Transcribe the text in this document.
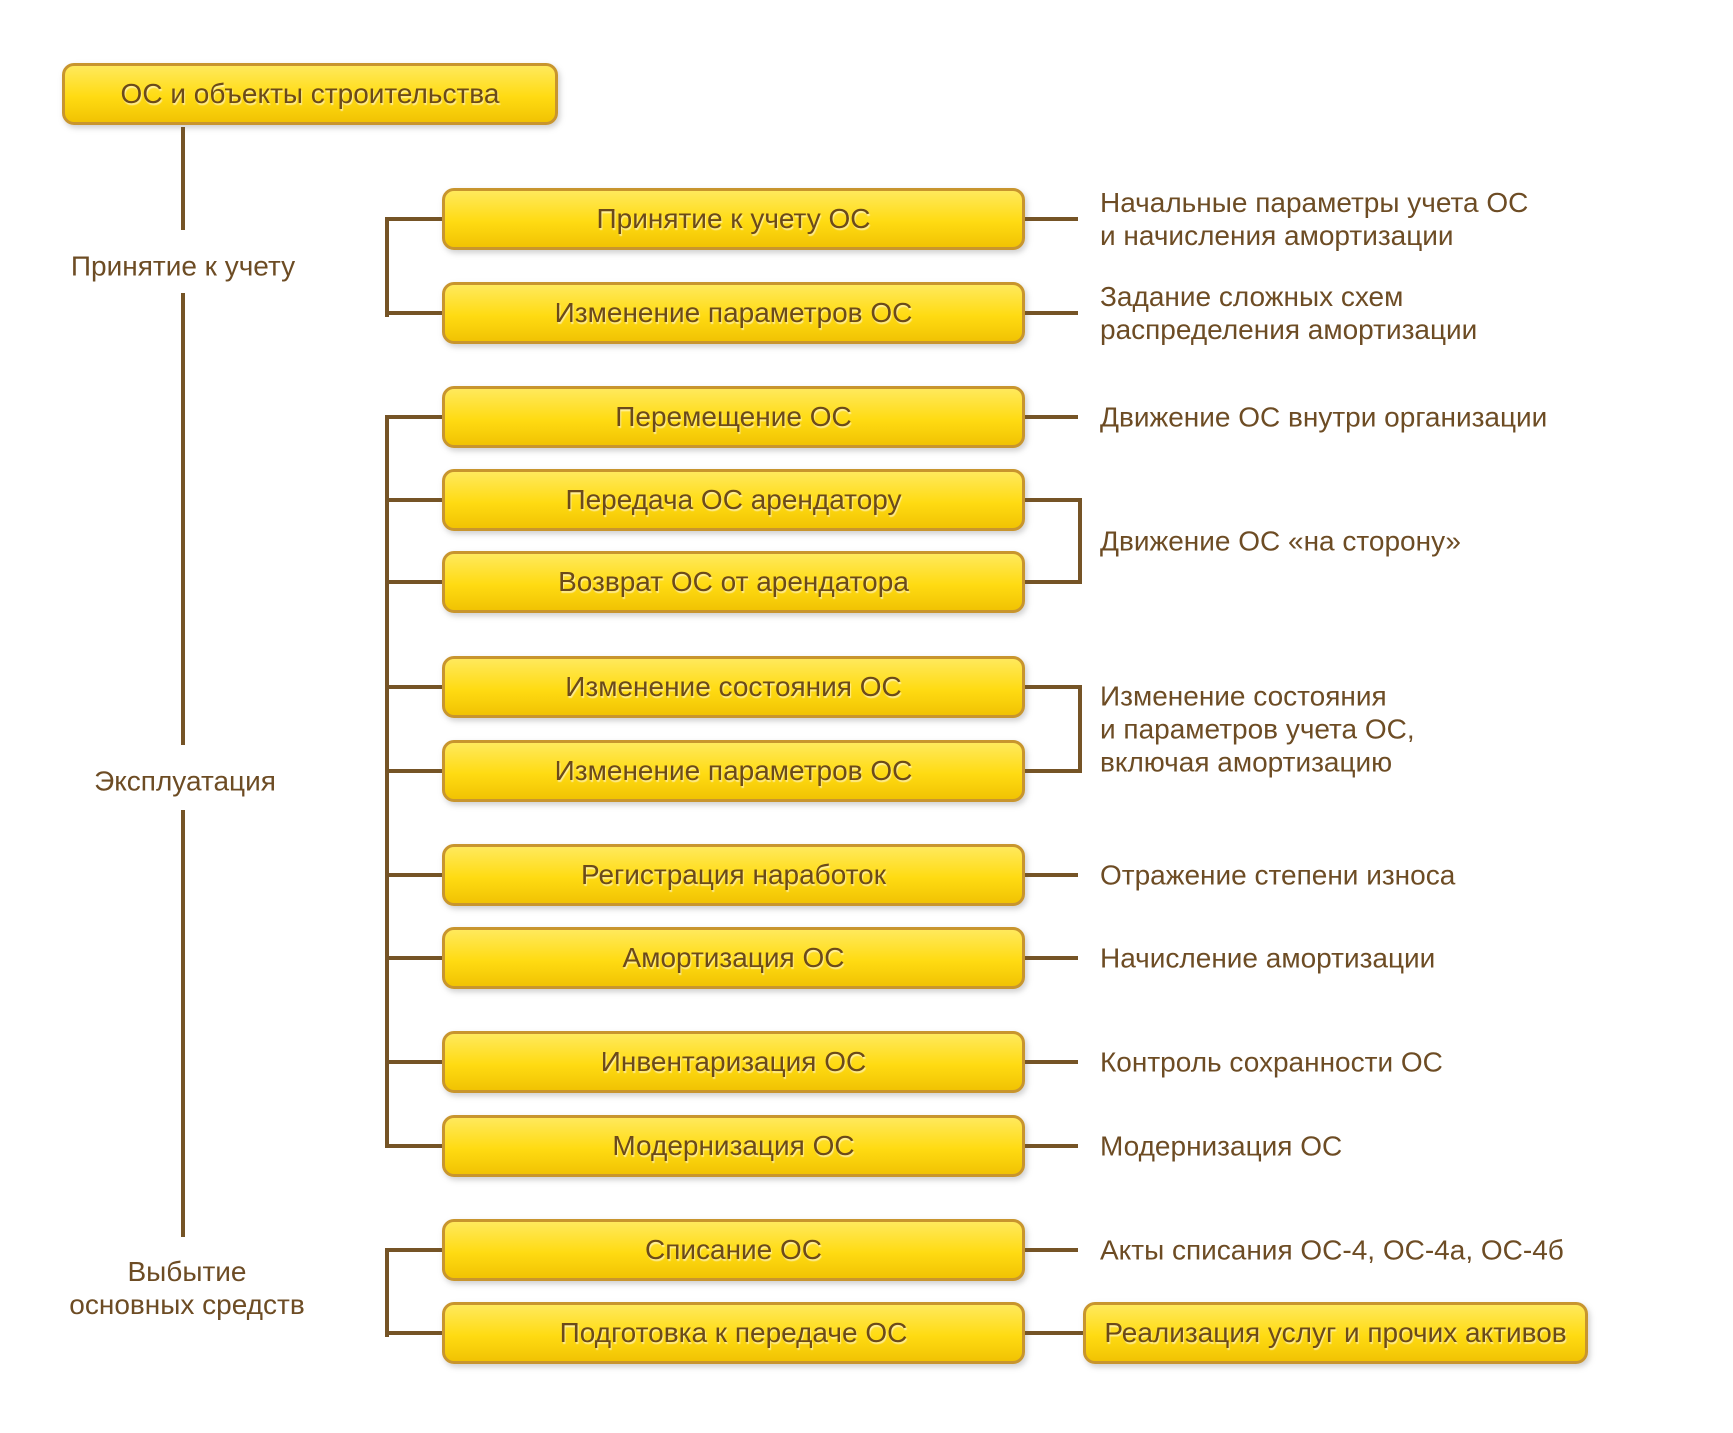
ОС и объекты строительства
Принятие к учету
Эксплуатация
Выбытие
основных средств
Принятие к учету ОС
Изменение параметров ОС
Перемещение ОС
Передача ОС арендатору
Возврат ОС от арендатора
Изменение состояния ОС
Изменение параметров ОС
Регистрация наработок
Амортизация ОС
Инвентаризация ОС
Модернизация ОС
Списание ОС
Подготовка к передаче ОС
Начальные параметры учета ОС
и начисления амортизации
Задание сложных схем
распределения амортизации
Движение ОС внутри организации
Движение ОС «на сторону»
Изменение состояния
и параметров учета ОС,
включая амортизацию
Отражение степени износа
Начисление амортизации
Контроль сохранности ОС
Модернизация ОС
Акты списания ОС-4, ОС-4а, ОС-4б
Реализация услуг и прочих активов
